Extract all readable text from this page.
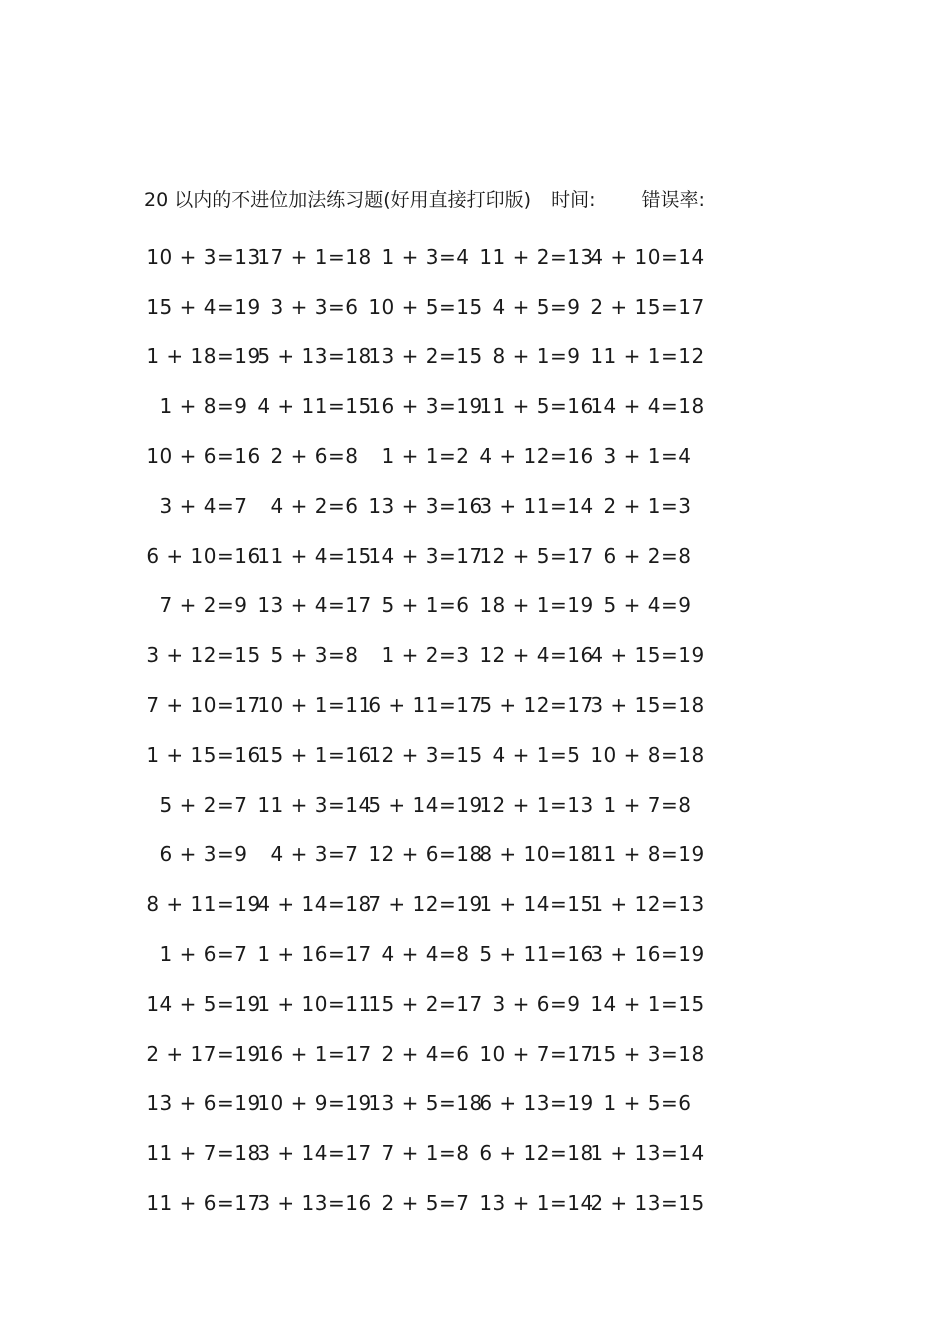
20 以内的不进位加法练习题(好用直接打印版) 时间: 错误率:
10 + 3=13
17 + 1=18 1 + 3=4 11 + 2=13
4 + 10=14
15 + 4=19 3 + 3=6 10 + 5=15 4 + 5=9 2 + 15=17
1 + 18=19
5 + 13=18
13 + 2=15 8 + 1=9 11 + 1=12
1 + 8=9 4 + 11=15
16 + 3=19
11 + 5=16
14 + 4=18
10 + 6=16 2 + 6=8 1 + 1=2 4 + 12=16 3 + 1=4
3 + 4=7 4 + 2=6 13 + 3=16
3 + 11=14 2 + 1=3
6 + 10=16
11 + 4=15
14 + 3=17
12 + 5=17 6 + 2=8
7 + 2=9 13 + 4=17 5 + 1=6 18 + 1=19 5 + 4=9
3 + 12=15 5 + 3=8 1 + 2=3 12 + 4=16
4 + 15=19
7 + 10=17
10 + 1=11
6 + 11=17
5 + 12=17
3 + 15=18
1 + 15=16
15 + 1=16
12 + 3=15 4 + 1=5 10 + 8=18
5 + 2=7 11 + 3=14
5 + 14=19
12 + 1=13 1 + 7=8
6 + 3=9 4 + 3=7 12 + 6=18
8 + 10=18
11 + 8=19
8 + 11=19
4 + 14=18
7 + 12=19
1 + 14=15
1 + 12=13
1 + 6=7 1 + 16=17 4 + 4=8 5 + 11=16
3 + 16=19
14 + 5=19
1 + 10=11
15 + 2=17 3 + 6=9 14 + 1=15
2 + 17=19
16 + 1=17 2 + 4=6 10 + 7=17
15 + 3=18
13 + 6=19
10 + 9=19
13 + 5=18
6 + 13=19 1 + 5=6
11 + 7=18
3 + 14=17 7 + 1=8 6 + 12=18
1 + 13=14
11 + 6=17
3 + 13=16 2 + 5=7 13 + 1=14
2 + 13=15
